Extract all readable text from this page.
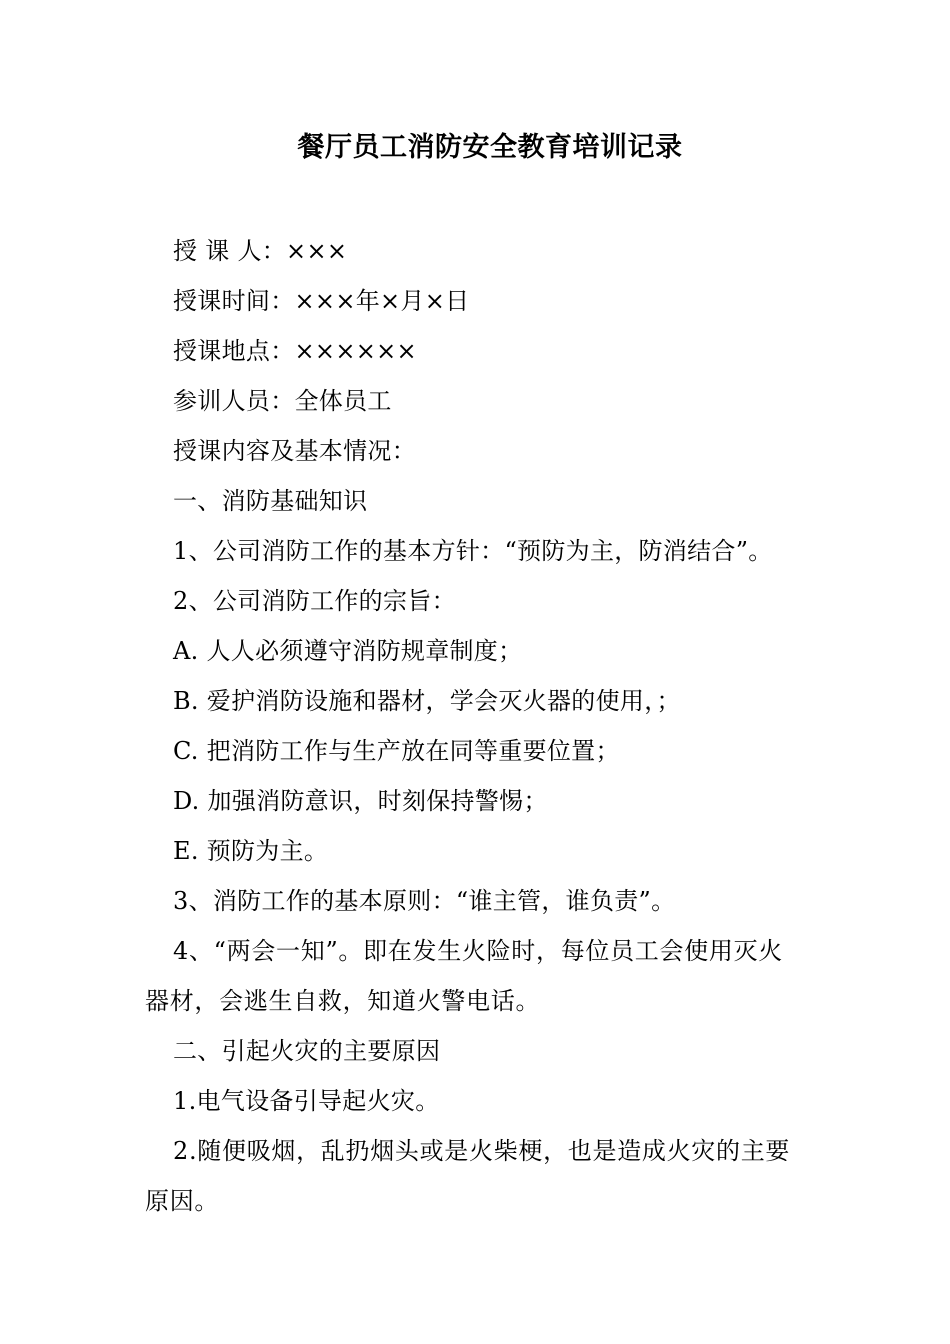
餐厅员工消防安全教育培训记录

授 课 人：×××

授课时间：×××年×月×日

授课地点：××××××

参训人员：全体员工

授课内容及基本情况：

一、消防基础知识

1、公司消防工作的基本方针：“预防为主，防消结合”。

2、公司消防工作的宗旨：

A. 人人必须遵守消防规章制度；

B. 爱护消防设施和器材，学会灭火器的使用，；

C. 把消防工作与生产放在同等重要位置；

D. 加强消防意识，时刻保持警惕；

E. 预防为主。

3、消防工作的基本原则：“谁主管，谁负责”。

4、“两会一知”。即在发生火险时，每位员工会使用灭火器材，会逃生自救，知道火警电话。

二、引起火灾的主要原因

1.电气设备引导起火灾。

2.随便吸烟，乱扔烟头或是火柴梗，也是造成火灾的主要原因。
